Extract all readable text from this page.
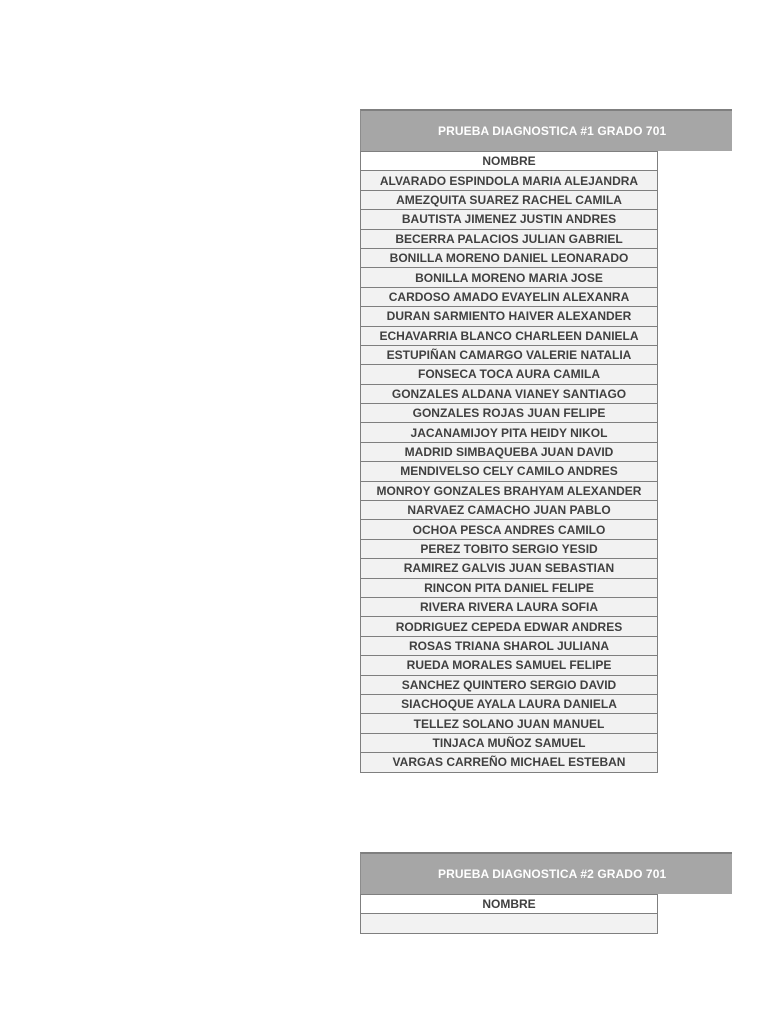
PRUEBA DIAGNOSTICA #1 GRADO 701
NOMBRE
ALVARADO ESPINDOLA MARIA ALEJANDRA
AMEZQUITA SUAREZ RACHEL CAMILA
BAUTISTA JIMENEZ JUSTIN ANDRES
BECERRA PALACIOS JULIAN GABRIEL
BONILLA MORENO DANIEL LEONARADO
BONILLA MORENO MARIA JOSE
CARDOSO AMADO EVAYELIN ALEXANRA
DURAN SARMIENTO HAIVER ALEXANDER
ECHAVARRIA BLANCO CHARLEEN DANIELA
ESTUPIÑAN CAMARGO VALERIE NATALIA
FONSECA TOCA AURA CAMILA
GONZALES ALDANA VIANEY SANTIAGO
GONZALES ROJAS JUAN FELIPE
JACANAMIJOY PITA HEIDY NIKOL
MADRID SIMBAQUEBA JUAN DAVID
MENDIVELSO CELY CAMILO ANDRES
MONROY GONZALES BRAHYAM ALEXANDER
NARVAEZ CAMACHO JUAN PABLO
OCHOA PESCA ANDRES CAMILO
PEREZ TOBITO SERGIO YESID
RAMIREZ GALVIS JUAN SEBASTIAN
RINCON PITA DANIEL FELIPE
RIVERA RIVERA LAURA SOFIA
RODRIGUEZ CEPEDA EDWAR ANDRES
ROSAS TRIANA SHAROL JULIANA
RUEDA MORALES SAMUEL FELIPE
SANCHEZ QUINTERO SERGIO DAVID
SIACHOQUE AYALA LAURA DANIELA
TELLEZ SOLANO JUAN MANUEL
TINJACA MUÑOZ SAMUEL
VARGAS CARREÑO MICHAEL ESTEBAN
PRUEBA DIAGNOSTICA #2 GRADO 701
NOMBRE
